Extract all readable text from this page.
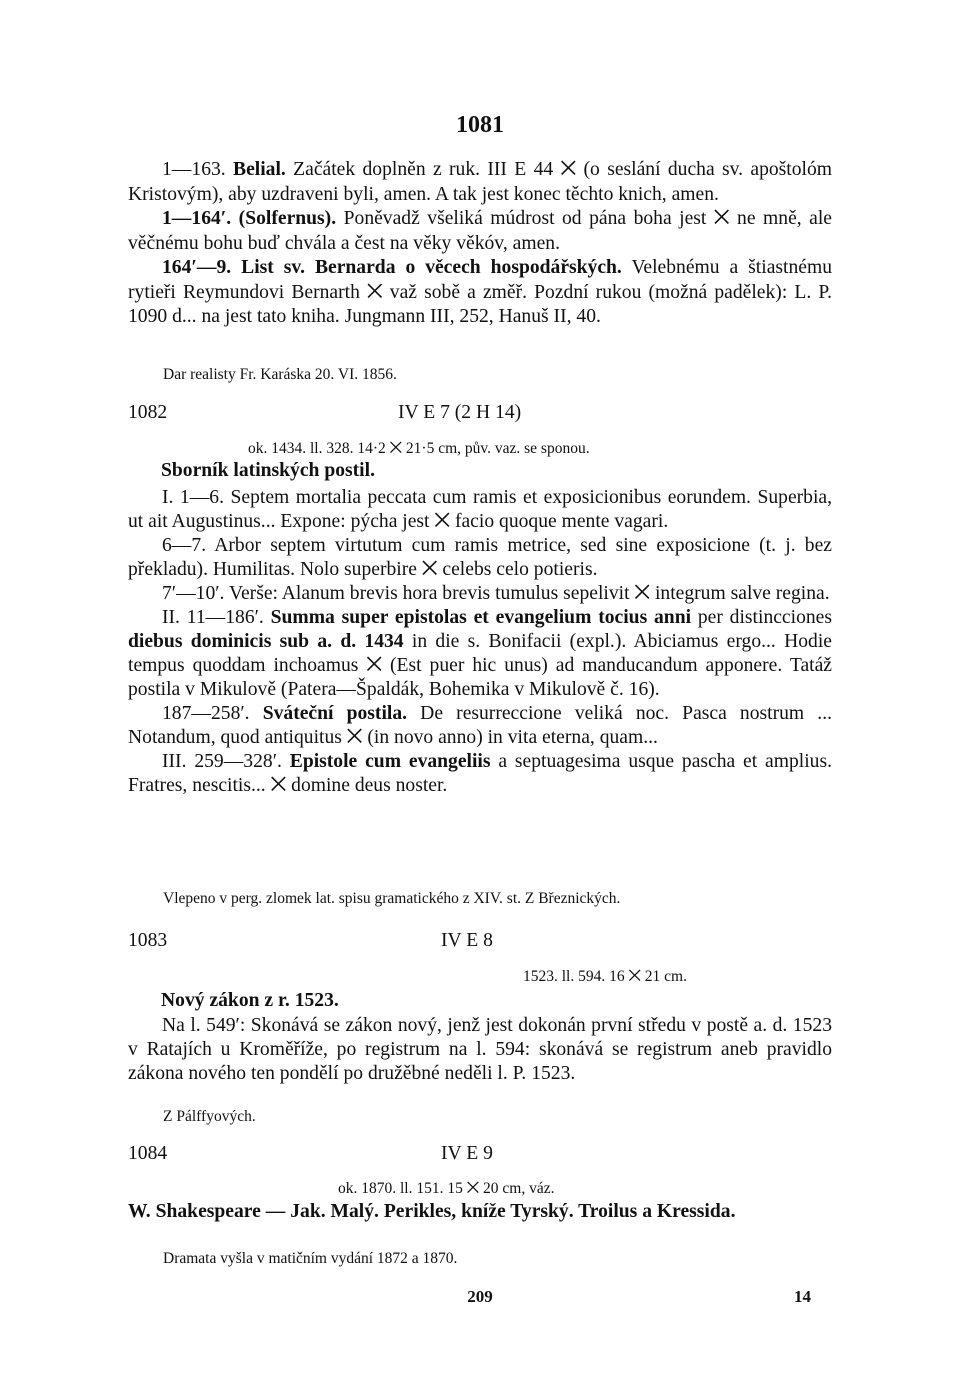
1081

1—163. Belial. Začátek doplněn z ruk. III E 44 ⨉ (o seslání ducha sv. apoštolóm Kristovým), aby uzdraveni byli, amen. A tak jest konec těchto knich, amen.

1—164′. (Solfernus). Poněvadž všeliká múdrost od pána boha jest ⨉ ne mně, ale věčnému bohu buď chvála a čest na věky věkóv, amen.

164′—9. List sv. Bernarda o věcech hospodářských. Velebnému a štiastnému rytieři Reymundovi Bernarth ⨉ važ sobě a změř. Pozdní rukou (možná padělek): L. P. 1090 d... na jest tato kniha. Jungmann III, 252, Hanuš II, 40.

Dar realisty Fr. Karáska 20. VI. 1856.

1082	IV E 7 (2 H 14)

ok. 1434. ll. 328. 14·2 ⨉ 21·5 cm, pův. vaz. se sponou.

Sborník latinských postil.

I. 1—6. Septem mortalia peccata cum ramis et exposicionibus eorundem. Superbia, ut ait Augustinus... Expone: pýcha jest ⨉ facio quoque mente vagari.

6—7. Arbor septem virtutum cum ramis metrice, sed sine exposicione (t. j. bez překladu). Humilitas. Nolo superbire ⨉ celebs celo potieris.

7′—10′. Verše: Alanum brevis hora brevis tumulus sepelivit ⨉ integrum salve regina.

II. 11—186′. Summa super epistolas et evangelium tocius anni per distincciones diebus dominicis sub a. d. 1434 in die s. Bonifacii (expl.). Abiciamus ergo... Hodie tempus quoddam inchoamus ⨉ (Est puer hic unus) ad manducandum apponere. Tatáž postila v Mikulově (Patera—Špaldák, Bohemika v Mikulově č. 16).

187—258′. Sváteční postila. De resurreccione veliká noc. Pasca nostrum ... Notandum, quod antiquitus ⨉ (in novo anno) in vita eterna, quam...

III. 259—328′. Epistole cum evangeliis a septuagesima usque pascha et amplius. Fratres, nescitis... ⨉ domine deus noster.

Vlepeno v perg. zlomek lat. spisu gramatického z XIV. st. Z Březnických.

1083	IV E 8

1523. ll. 594. 16 ⨉ 21 cm.

Nový zákon z r. 1523.

Na l. 549′: Skonává se zákon nový, jenž jest dokonán první středu v postě a. d. 1523 v Ratajích u Kroměříže, po registrum na l. 594: skonává se registrum aneb pravidlo zákona nového ten pondělí po družěbné neděli l. P. 1523.

Z Pálffyových.

1084	IV E 9

ok. 1870. ll. 151. 15 ⨉ 20 cm, váz.

W. Shakespeare — Jak. Malý. Perikles, kníže Tyrský. Troilus a Kressida.

Dramata vyšla v matičním vydání 1872 a 1870.

209	14
